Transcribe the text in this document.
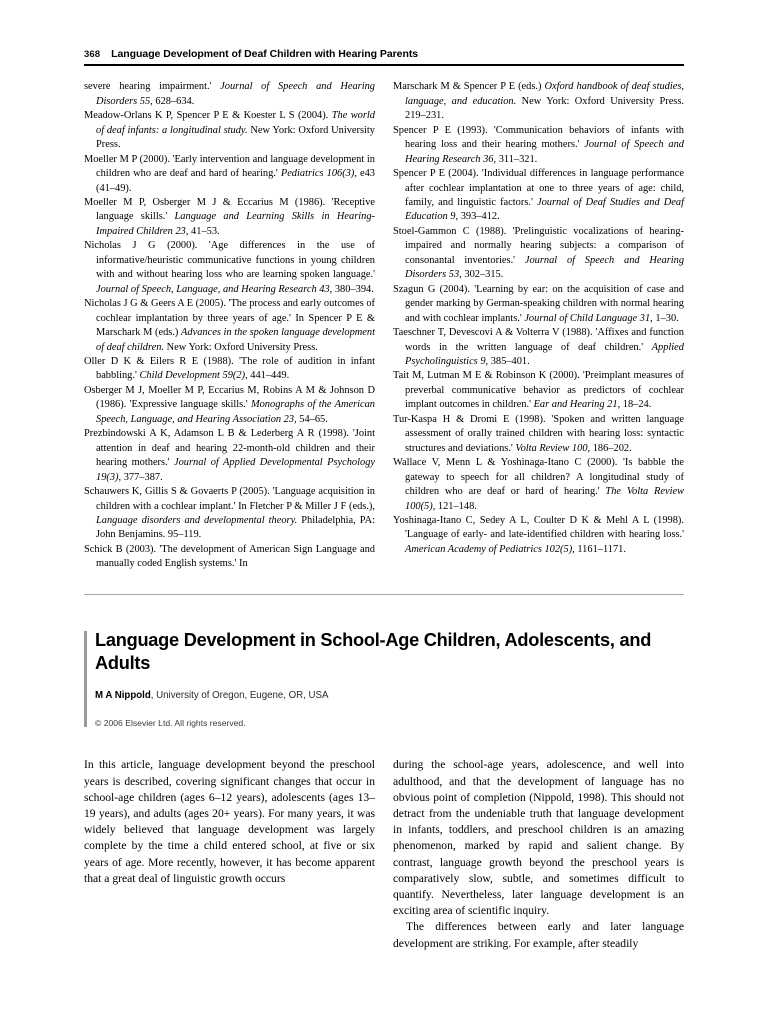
368 Language Development of Deaf Children with Hearing Parents

severe hearing impairment.' Journal of Speech and Hearing Disorders 55, 628–634.

Meadow-Orlans K P, Spencer P E & Koester L S (2004). The world of deaf infants: a longitudinal study. New York: Oxford University Press.

Moeller M P (2000). 'Early intervention and language development in children who are deaf and hard of hearing.' Pediatrics 106(3), e43 (41–49).

Moeller M P, Osberger M J & Eccarius M (1986). 'Receptive language skills.' Language and Learning Skills in Hearing-Impaired Children 23, 41–53.

Nicholas J G (2000). 'Age differences in the use of informative/heuristic communicative functions in young children with and without hearing loss who are learning spoken language.' Journal of Speech, Language, and Hearing Research 43, 380–394.

Nicholas J G & Geers A E (2005). 'The process and early outcomes of cochlear implantation by three years of age.' In Spencer P E & Marschark M (eds.) Advances in the spoken language development of deaf children. New York: Oxford University Press.

Oller D K & Eilers R E (1988). 'The role of audition in infant babbling.' Child Development 59(2), 441–449.

Osberger M J, Moeller M P, Eccarius M, Robins A M & Johnson D (1986). 'Expressive language skills.' Monographs of the American Speech, Language, and Hearing Association 23, 54–65.

Prezbindowski A K, Adamson L B & Lederberg A R (1998). 'Joint attention in deaf and hearing 22-month-old children and their hearing mothers.' Journal of Applied Developmental Psychology 19(3), 377–387.

Schauwers K, Gillis S & Govaerts P (2005). 'Language acquisition in children with a cochlear implant.' In Fletcher P & Miller J F (eds.), Language disorders and developmental theory. Philadelphia, PA: John Benjamins. 95–119.

Schick B (2003). 'The development of American Sign Language and manually coded English systems.' In

Marschark M & Spencer P E (eds.) Oxford handbook of deaf studies, language, and education. New York: Oxford University Press. 219–231.

Spencer P E (1993). 'Communication behaviors of infants with hearing loss and their hearing mothers.' Journal of Speech and Hearing Research 36, 311–321.

Spencer P E (2004). 'Individual differences in language performance after cochlear implantation at one to three years of age: child, family, and linguistic factors.' Journal of Deaf Studies and Deaf Education 9, 393–412.

Stoel-Gammon C (1988). 'Prelinguistic vocalizations of hearing-impaired and normally hearing subjects: a comparison of consonantal inventories.' Journal of Speech and Hearing Disorders 53, 302–315.

Szagun G (2004). 'Learning by ear: on the acquisition of case and gender marking by German-speaking children with normal hearing and with cochlear implants.' Journal of Child Language 31, 1–30.

Taeschner T, Devescovi A & Volterra V (1988). 'Affixes and function words in the written language of deaf children.' Applied Psycholinguistics 9, 385–401.

Tait M, Lutman M E & Robinson K (2000). 'Preimplant measures of preverbal communicative behavior as predictors of cochlear implant outcomes in children.' Ear and Hearing 21, 18–24.

Tur-Kaspa H & Dromi E (1998). 'Spoken and written language assessment of orally trained children with hearing loss: syntactic structures and deviations.' Volta Review 100, 186–202.

Wallace V, Menn L & Yoshinaga-Itano C (2000). 'Is babble the gateway to speech for all children? A longitudinal study of children who are deaf or hard of hearing.' The Volta Review 100(5), 121–148.

Yoshinaga-Itano C, Sedey A L, Coulter D K & Mehl A L (1998). 'Language of early- and late-identified children with hearing loss.' American Academy of Pediatrics 102(5), 1161–1171.

Language Development in School-Age Children, Adolescents, and Adults
M A Nippold, University of Oregon, Eugene, OR, USA
© 2006 Elsevier Ltd. All rights reserved.

In this article, language development beyond the preschool years is described, covering significant changes that occur in school-age children (ages 6–12 years), adolescents (ages 13–19 years), and adults (ages 20+ years). For many years, it was widely believed that language development was largely complete by the time a child entered school, at five or six years of age. More recently, however, it has become apparent that a great deal of linguistic growth occurs

during the school-age years, adolescence, and well into adulthood, and that the development of language has no obvious point of completion (Nippold, 1998). This should not detract from the undeniable truth that language development in infants, toddlers, and preschool children is an amazing phenomenon, marked by rapid and salient change. By contrast, language growth beyond the preschool years is comparatively slow, subtle, and sometimes difficult to quantify. Nevertheless, later language development is an exciting area of scientific inquiry.

The differences between early and later language development are striking. For example, after steadily
